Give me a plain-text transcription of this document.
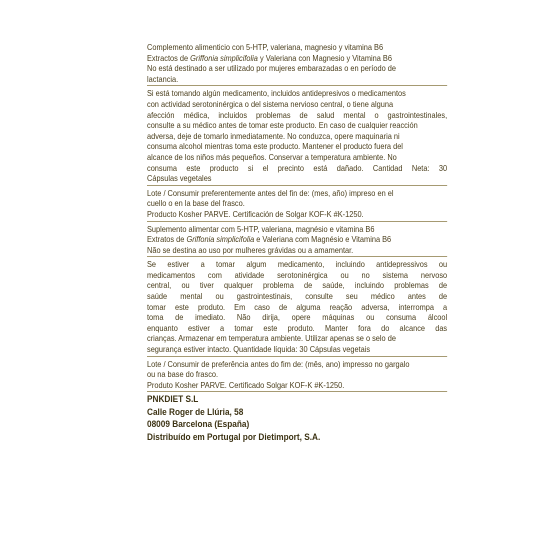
Complemento alimenticio con 5-HTP, valeriana, magnesio y vitamina B6
Extractos de Griffonia simplicifolia y Valeriana con Magnesio y Vitamina B6
No está destinado a ser utilizado por mujeres embarazadas o en período de
lactancia.
Si está tomando algún medicamento, incluidos antidepresivos o medicamentos
con actividad serotoninérgica o del sistema nervioso central, o tiene alguna
afección médica, incluidos problemas de salud mental o gastrointestinales,
consulte a su médico antes de tomar este producto. En caso de cualquier reacción
adversa, deje de tomarlo inmediatamente. No conduzca, opere maquinaria ni
consuma alcohol mientras toma este producto. Mantener el producto fuera del
alcance de los niños más pequeños. Conservar a temperatura ambiente. No
consuma este producto si el precinto está dañado. Cantidad Neta: 30
Cápsulas vegetales
Lote / Consumir preferentemente antes del fin de: (mes, año) impreso en el
cuello o en la base del frasco.
Producto Kosher PARVE. Certificación de Solgar KOF-K #K-1250.
Suplemento alimentar com 5-HTP, valeriana, magnésio e vitamina B6
Extratos de Griffonia simplicifolia e Valeriana com Magnésio e Vitamina B6
Não se destina ao uso por mulheres grávidas ou a amamentar.
Se estiver a tomar algum medicamento, incluindo antidepressivos ou
medicamentos com atividade serotoninérgica ou no sistema nervoso
central, ou tiver qualquer problema de saúde, incluindo problemas de
saúde mental ou gastrointestinais, consulte seu médico antes de
tomar este produto. Em caso de alguma reação adversa, interrompa a
toma de imediato. Não dirija, opere máquinas ou consuma álcool
enquanto estiver a tomar este produto. Manter fora do alcance das
crianças. Armazenar em temperatura ambiente. Utilizar apenas se o selo de
segurança estiver intacto. Quantidade líquida: 30 Cápsulas vegetais
Lote / Consumir de preferência antes do fim de: (mês, ano) impresso no gargalo
ou na base do frasco.
Produto Kosher PARVE. Certificado Solgar KOF-K #K-1250.
PNKDIET S.L
Calle Roger de Llúria, 58
08009 Barcelona (España)
Distribuído em Portugal por Dietimport, S.A.
